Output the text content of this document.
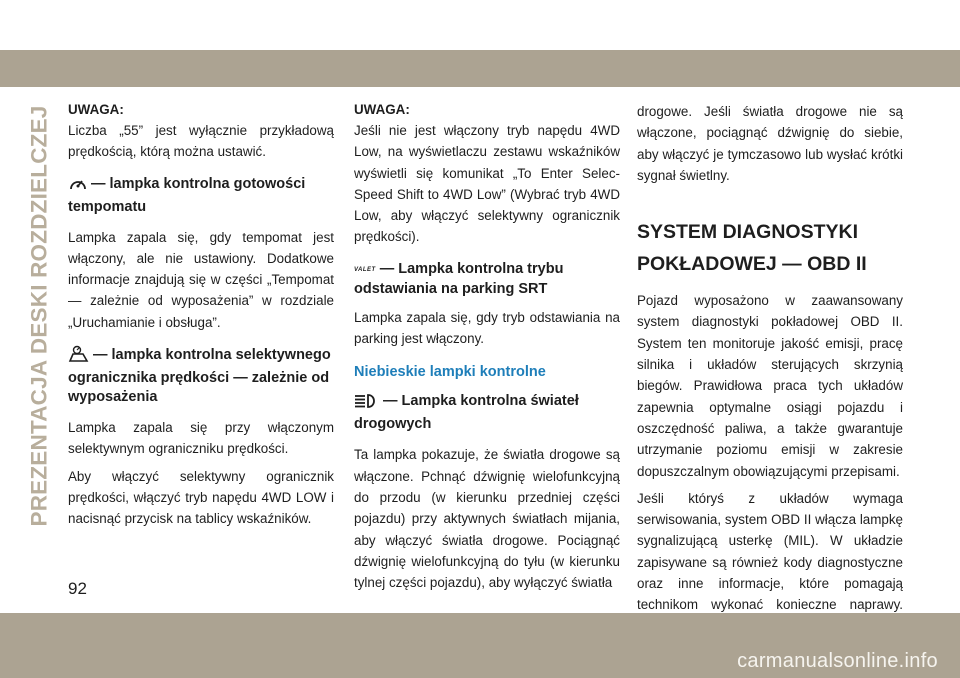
PREZENTACJA DESKI ROZDZIELCZEJ UWAGA:

Liczba „55” jest wyłącznie przykładową prędkością, którą można ustawić.

— lampka kontrolna gotowości tempomatu

Lampka zapala się, gdy tempomat jest włączony, ale nie ustawiony. Dodatkowe informacje znajdują się w części „Tempomat — zależnie od wyposażenia” w rozdziale „Uruchamianie i obsługa”.

— lampka kontrolna selektywnego ogranicznika prędkości — zależnie od wyposażenia

Lampka zapala się przy włączonym selektywnym ograniczniku prędkości.

Aby włączyć selektywny ogranicznik prędkości, włączyć tryb napędu 4WD LOW i nacisnąć przycisk na tablicy wskaźników.

UWAGA:

Jeśli nie jest włączony tryb napędu 4WD Low, na wyświetlaczu zestawu wskaźników wyświetli się komunikat „To Enter Selec-Speed Shift to 4WD Low” (Wybrać tryb 4WD Low, aby włączyć selektywny ogranicznik prędkości).

VALET — Lampka kontrolna trybu odstawiania na parking SRT

Lampka zapala się, gdy tryb odstawiania na parking jest włączony.

Niebieskie lampki kontrolne

— Lampka kontrolna świateł drogowych

Ta lampka pokazuje, że światła drogowe są włączone. Pchnąć dźwignię wielofunkcyjną do przodu (w kierunku przedniej części pojazdu) przy aktywnych światłach mijania, aby włączyć światła drogowe. Pociągnąć dźwignię wielofunkcyjną do tyłu (w kierunku tylnej części pojazdu), aby wyłączyć światła

drogowe. Jeśli światła drogowe nie są włączone, pociągnąć dźwignię do siebie, aby włączyć je tymczasowo lub wysłać krótki sygnał świetlny.

SYSTEM DIAGNOSTYKI POKŁADOWEJ — OBD II

Pojazd wyposażono w zaawansowany system diagnostyki pokładowej OBD II. System ten monitoruje jakość emisji, pracę silnika i układów sterujących skrzynią biegów. Prawidłowa praca tych układów zapewnia optymalne osiągi pojazdu i oszczędność paliwa, a także gwarantuje utrzymanie poziomu emisji w zakresie dopuszczalnym obowiązującymi przepisami.

Jeśli któryś z układów wymaga serwisowania, system OBD II włącza lampkę sygnalizującą usterkę (MIL). W układzie zapisywane są również kody diagnostyczne oraz inne informacje, które pomagają technikom wykonać konieczne naprawy.

92
carmanualsonline.info
